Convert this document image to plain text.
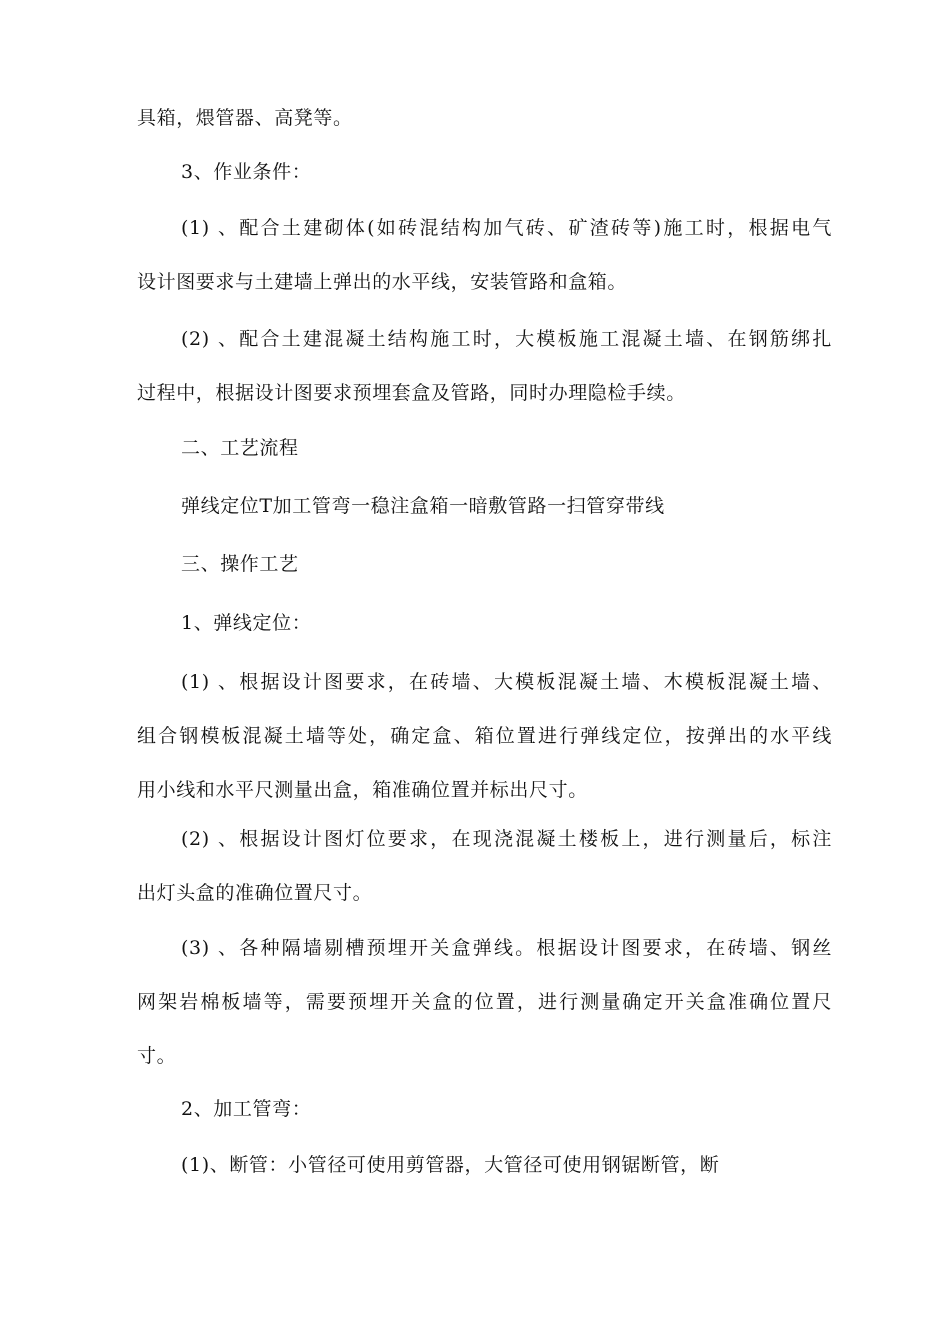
具箱，煨管器、高凳等。

3、作业条件：

(1) 、配合土建砌体(如砖混结构加气砖、矿渣砖等)施工时，根据电气
设计图要求与土建墙上弹出的水平线，安装管路和盒箱。

(2) 、配合土建混凝土结构施工时，大模板施工混凝土墙、在钢筋绑扎
过程中，根据设计图要求预埋套盒及管路，同时办理隐检手续。

二、工艺流程

弹线定位T加工管弯一稳注盒箱一暗敷管路一扫管穿带线

三、操作工艺

1、弹线定位：

(1) 、根据设计图要求，在砖墙、大模板混凝土墙、木模板混凝土墙、
组合钢模板混凝土墙等处，确定盒、箱位置进行弹线定位，按弹出的水平线
用小线和水平尺测量出盒，箱准确位置并标出尺寸。

(2) 、根据设计图灯位要求，在现浇混凝土楼板上，进行测量后，标注
出灯头盒的准确位置尺寸。

(3) 、各种隔墙剔槽预埋开关盒弹线。根据设计图要求，在砖墙、钢丝
网架岩棉板墙等，需要预埋开关盒的位置，进行测量确定开关盒准确位置尺
寸。

2、加工管弯：

(1)、断管：小管径可使用剪管器，大管径可使用钢锯断管，断
